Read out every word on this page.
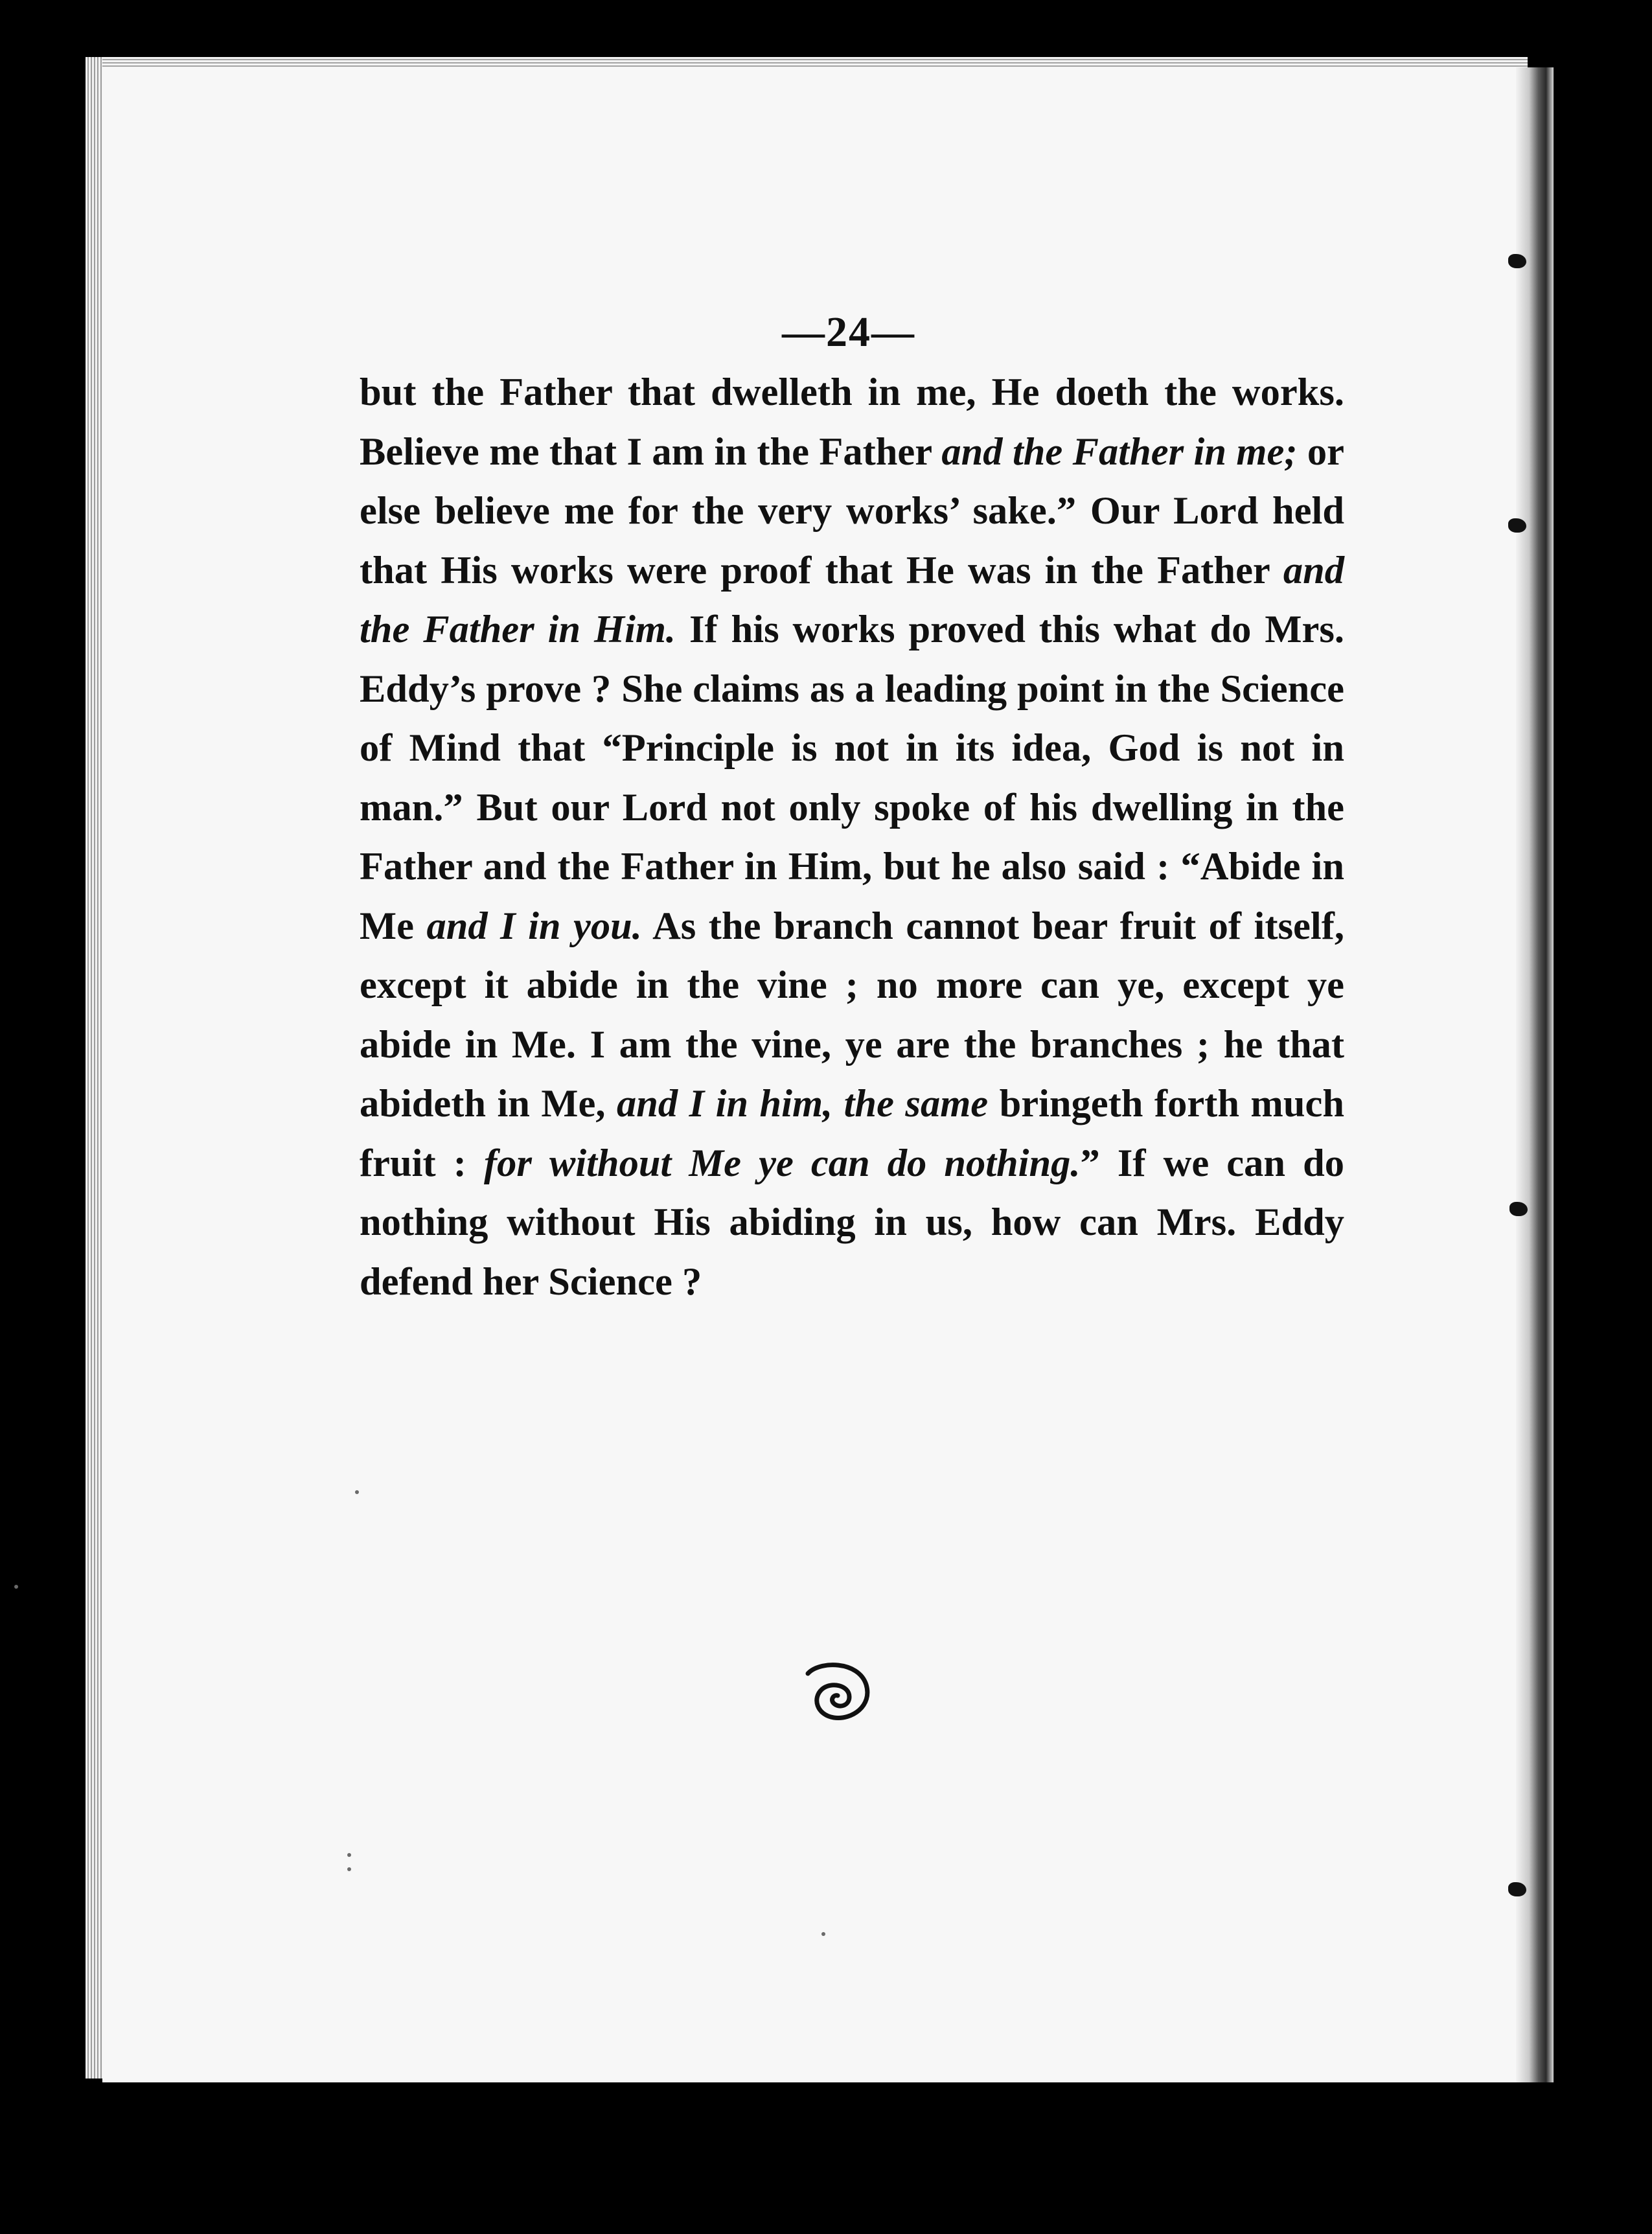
—24—

but the Father that dwelleth in me, He doeth the works. Believe me that I am in the Father and the Father in me; or else believe me for the very works’ sake.” Our Lord held that His works were proof that He was in the Father and the Father in Him. If his works proved this what do Mrs. Eddy’s prove ? She claims as a leading point in the Science of Mind that “Principle is not in its idea, God is not in man.” But our Lord not only spoke of his dwelling in the Father and the Father in Him, but he also said : “Abide in Me and I in you. As the branch cannot bear fruit of itself, except it abide in the vine ; no more can ye, except ye abide in Me. I am the vine, ye are the branches ; he that abideth in Me, and I in him, the same bringeth forth much fruit : for without Me ye can do nothing.” If we can do nothing without His abiding in us, how can Mrs. Eddy defend her Science ?
